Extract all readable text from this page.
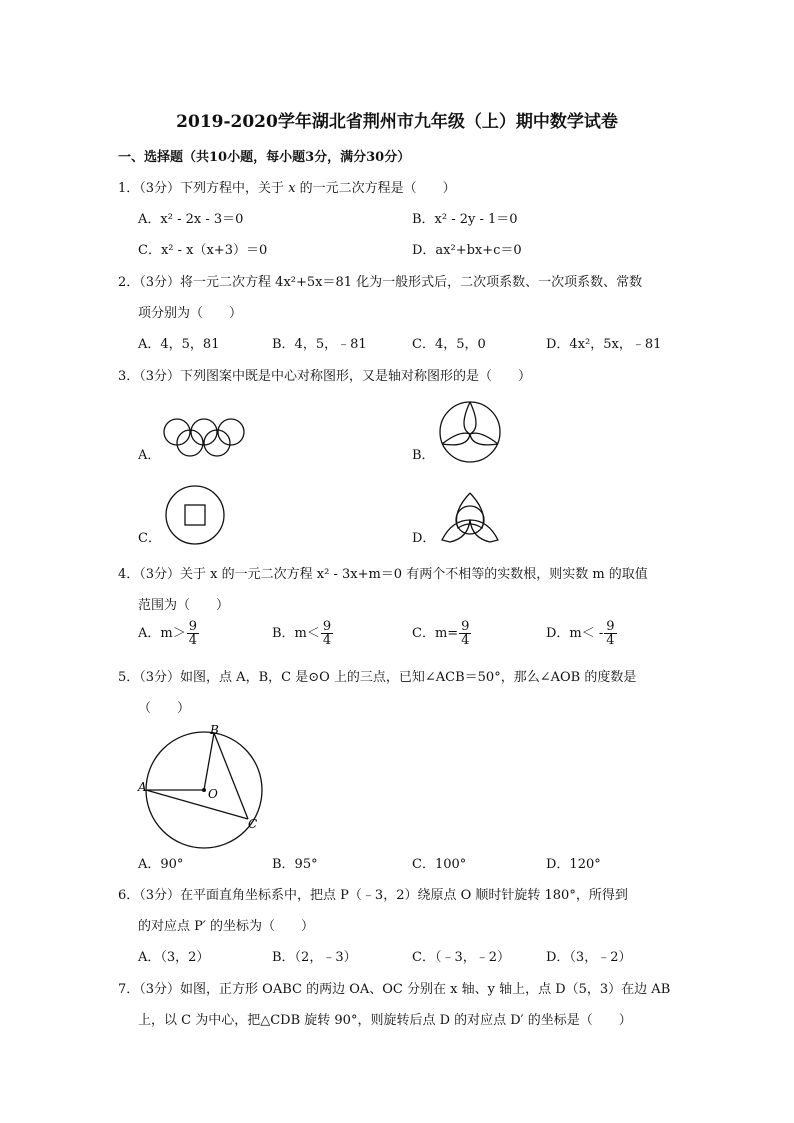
2019-2020学年湖北省荆州市九年级（上）期中数学试卷
一、选择题（共10小题，每小题3分，满分30分）
1．（3分）下列方程中，关于 x 的一元二次方程是（　　）
A．x² - 2x - 3＝0	B．x² - 2y - 1＝0
C．x² - x（x+3）＝0	D．ax²+bx+c＝0
2．（3分）将一元二次方程 4x²+5x＝81 化为一般形式后，二次项系数、一次项系数、常数
项分别为（　　）
A．4，5，81	B．4，5，﹣81	C．4，5，0	D．4x²，5x，﹣81
3．（3分）下列图案中既是中心对称图形，又是轴对称图形的是（　　）
A．	B．
C．	D．
4．（3分）关于 x 的一元二次方程 x² - 3x+m＝0 有两个不相等的实数根，则实数 m 的取值
范围为（　　）
A．$m> \frac{9}{4}$	B．$m< \frac{9}{4}$	C．$m= \frac{9}{4}$	D．$m< - \frac{9}{4}$
5．（3分）如图，点 A，B，C 是⊙O 上的三点，已知∠ACB＝50°，那么∠AOB 的度数是
（　　）
A
B
C
O
A．90°	B．95°	C．100°	D．120°
6．（3分）在平面直角坐标系中，把点 P（﹣3，2）绕原点 O 顺时针旋转 180°，所得到
的对应点 P′ 的坐标为（　　）
A．（3，2）	B．（2，﹣3）	C．（﹣3，﹣2）	D．（3，﹣2）
7．（3分）如图，正方形 OABC 的两边 OA、OC 分别在 x 轴、y 轴上，点 D（5，3）在边 AB
上，以 C 为中心，把△CDB 旋转 90°，则旋转后点 D 的对应点 D′ 的坐标是（　　）
